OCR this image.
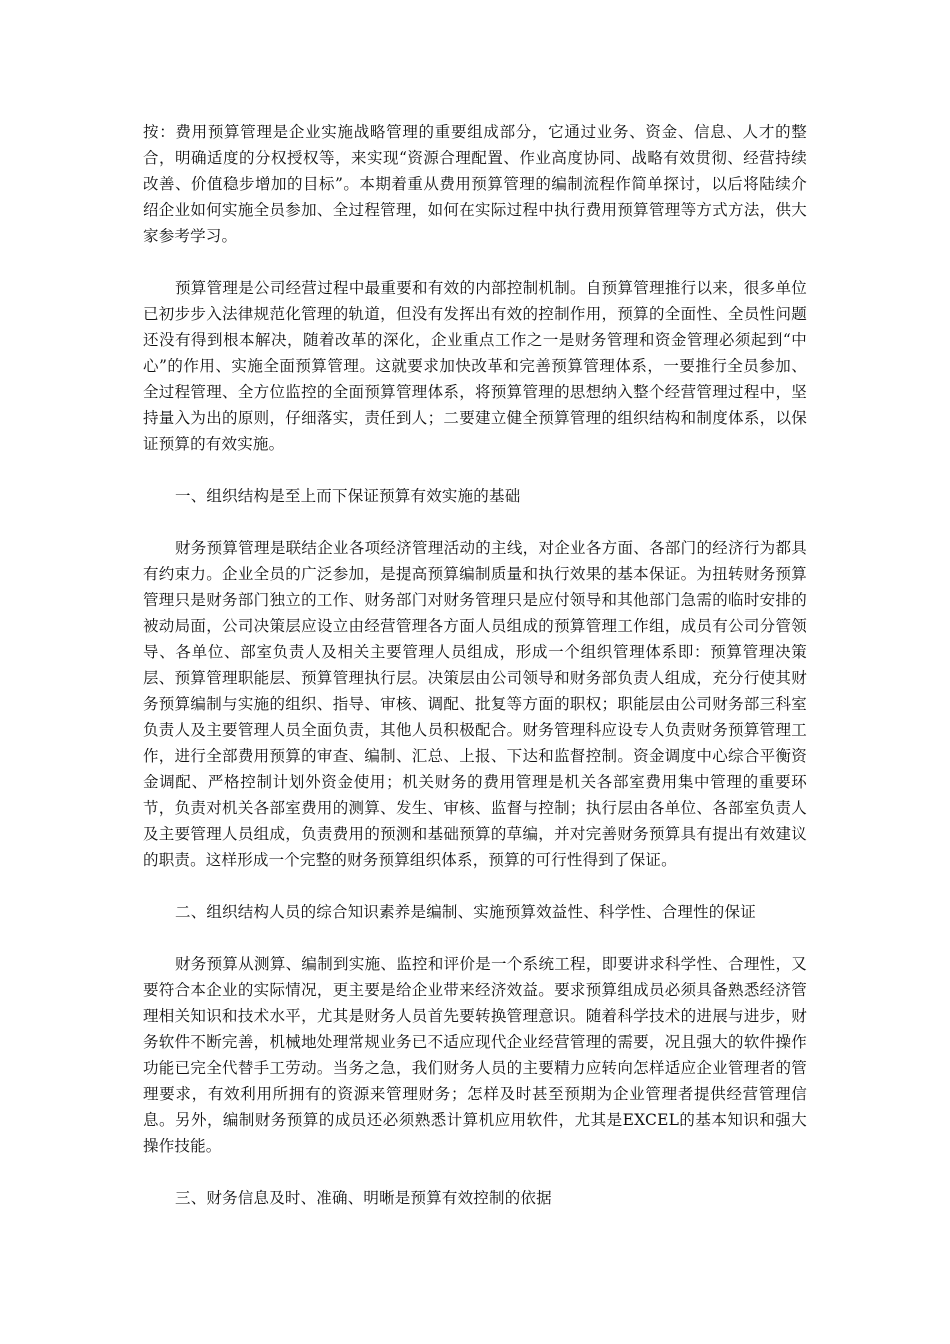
按：费用预算管理是企业实施战略管理的重要组成部分，它通过业务、资金、信息、人才的整合，明确适度的分权授权等，来实现“资源合理配置、作业高度协同、战略有效贯彻、经营持续改善、价值稳步增加的目标”。本期着重从费用预算管理的编制流程作简单探讨，以后将陆续介绍企业如何实施全员参加、全过程管理，如何在实际过程中执行费用预算管理等方式方法，供大家参考学习。

预算管理是公司经营过程中最重要和有效的内部控制机制。自预算管理推行以来，很多单位已初步步入法律规范化管理的轨道，但没有发挥出有效的控制作用，预算的全面性、全员性问题还没有得到根本解决，随着改革的深化，企业重点工作之一是财务管理和资金管理必须起到“中心”的作用、实施全面预算管理。这就要求加快改革和完善预算管理体系，一要推行全员参加、全过程管理、全方位监控的全面预算管理体系，将预算管理的思想纳入整个经营管理过程中，坚持量入为出的原则，仔细落实，责任到人；二要建立健全预算管理的组织结构和制度体系，以保证预算的有效实施。

一、组织结构是至上而下保证预算有效实施的基础

财务预算管理是联结企业各项经济管理活动的主线，对企业各方面、各部门的经济行为都具有约束力。企业全员的广泛参加，是提高预算编制质量和执行效果的基本保证。为扭转财务预算管理只是财务部门独立的工作、财务部门对财务管理只是应付领导和其他部门急需的临时安排的被动局面，公司决策层应设立由经营管理各方面人员组成的预算管理工作组，成员有公司分管领导、各单位、部室负责人及相关主要管理人员组成，形成一个组织管理体系即：预算管理决策层、预算管理职能层、预算管理执行层。决策层由公司领导和财务部负责人组成，充分行使其财务预算编制与实施的组织、指导、审核、调配、批复等方面的职权；职能层由公司财务部三科室负责人及主要管理人员全面负责，其他人员积极配合。财务管理科应设专人负责财务预算管理工作，进行全部费用预算的审查、编制、汇总、上报、下达和监督控制。资金调度中心综合平衡资金调配、严格控制计划外资金使用；机关财务的费用管理是机关各部室费用集中管理的重要环节，负责对机关各部室费用的测算、发生、审核、监督与控制；执行层由各单位、各部室负责人及主要管理人员组成，负责费用的预测和基础预算的草编，并对完善财务预算具有提出有效建议的职责。这样形成一个完整的财务预算组织体系，预算的可行性得到了保证。

二、组织结构人员的综合知识素养是编制、实施预算效益性、科学性、合理性的保证

财务预算从测算、编制到实施、监控和评价是一个系统工程，即要讲求科学性、合理性，又要符合本企业的实际情况，更主要是给企业带来经济效益。要求预算组成员必须具备熟悉经济管理相关知识和技术水平，尤其是财务人员首先要转换管理意识。随着科学技术的进展与进步，财务软件不断完善，机械地处理常规业务已不适应现代企业经营管理的需要，况且强大的软件操作功能已完全代替手工劳动。当务之急，我们财务人员的主要精力应转向怎样适应企业管理者的管理要求，有效利用所拥有的资源来管理财务；怎样及时甚至预期为企业管理者提供经营管理信息。另外，编制财务预算的成员还必须熟悉计算机应用软件，尤其是EXCEL的基本知识和强大操作技能。

三、财务信息及时、准确、明晰是预算有效控制的依据
